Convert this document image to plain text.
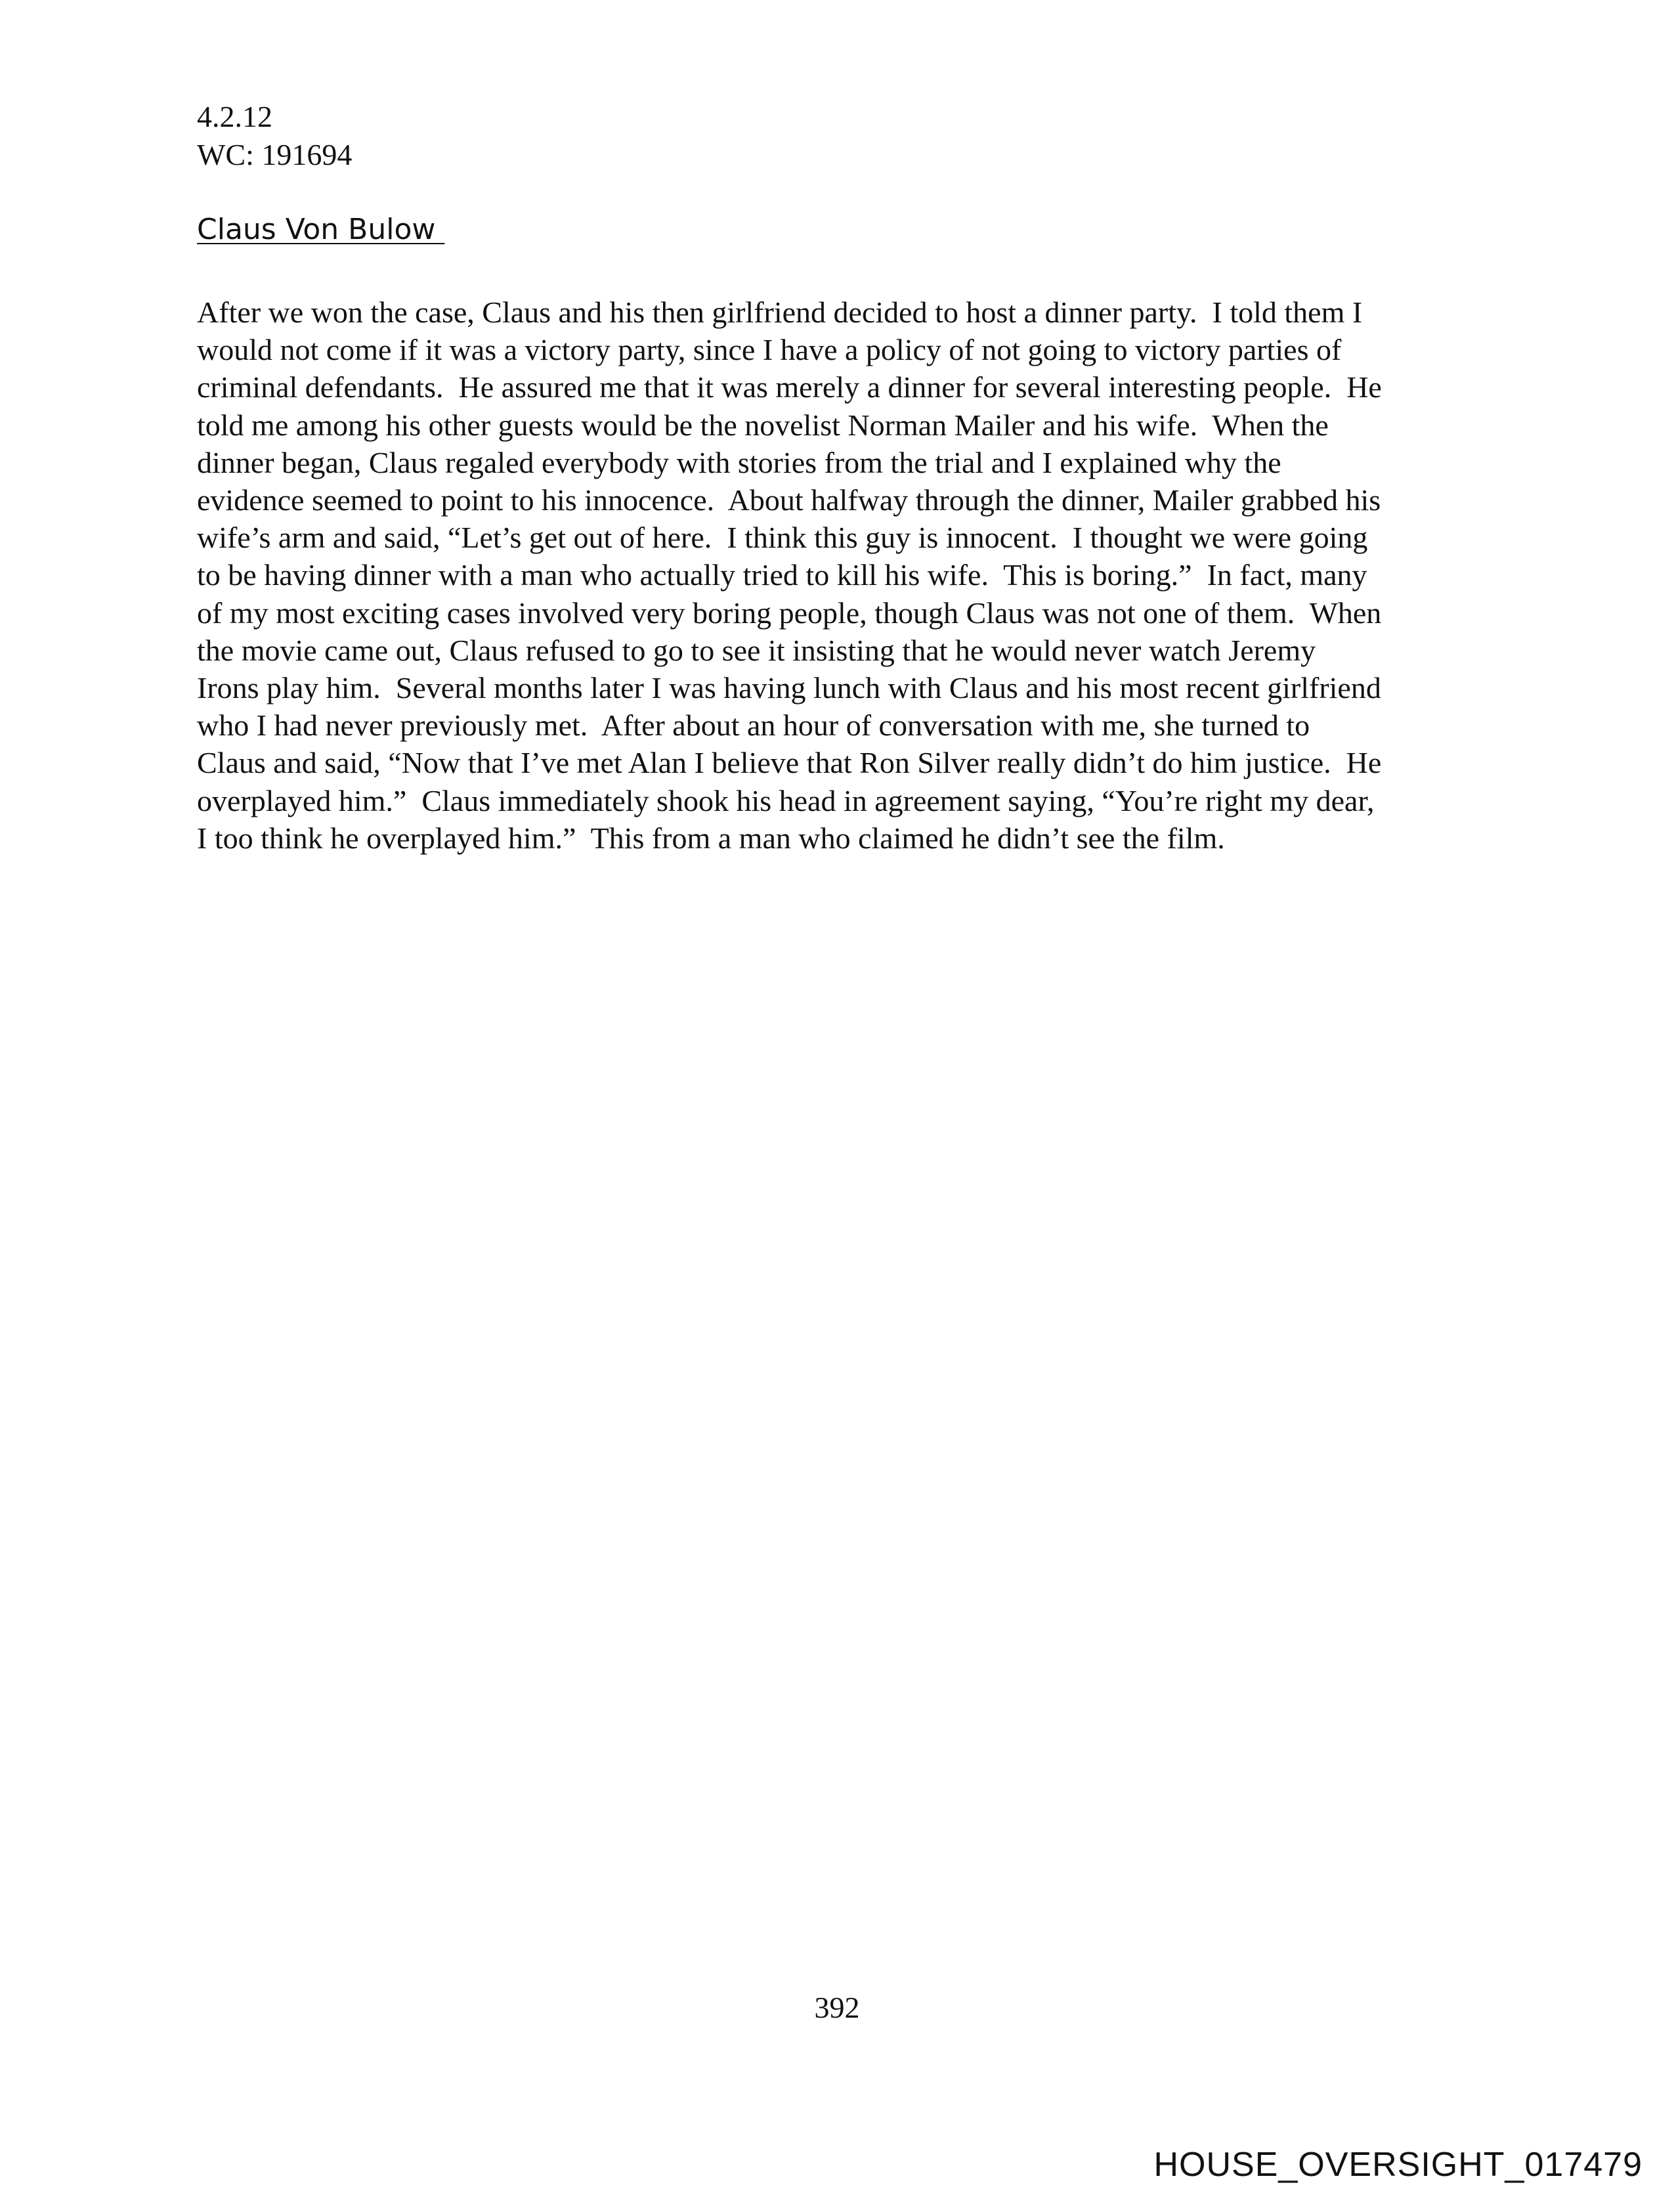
4.2.12
WC: 191694
Claus Von Bulow
After we won the case, Claus and his then girlfriend decided to host a dinner party.  I told them I
would not come if it was a victory party, since I have a policy of not going to victory parties of
criminal defendants.  He assured me that it was merely a dinner for several interesting people.  He
told me among his other guests would be the novelist Norman Mailer and his wife.  When the
dinner began, Claus regaled everybody with stories from the trial and I explained why the
evidence seemed to point to his innocence.  About halfway through the dinner, Mailer grabbed his
wife’s arm and said, “Let’s get out of here.  I think this guy is innocent.  I thought we were going
to be having dinner with a man who actually tried to kill his wife.  This is boring.”  In fact, many
of my most exciting cases involved very boring people, though Claus was not one of them.  When
the movie came out, Claus refused to go to see it insisting that he would never watch Jeremy
Irons play him.  Several months later I was having lunch with Claus and his most recent girlfriend
who I had never previously met.  After about an hour of conversation with me, she turned to
Claus and said, “Now that I’ve met Alan I believe that Ron Silver really didn’t do him justice.  He
overplayed him.”  Claus immediately shook his head in agreement saying, “You’re right my dear,
I too think he overplayed him.”  This from a man who claimed he didn’t see the film.
392
HOUSE_OVERSIGHT_017479
